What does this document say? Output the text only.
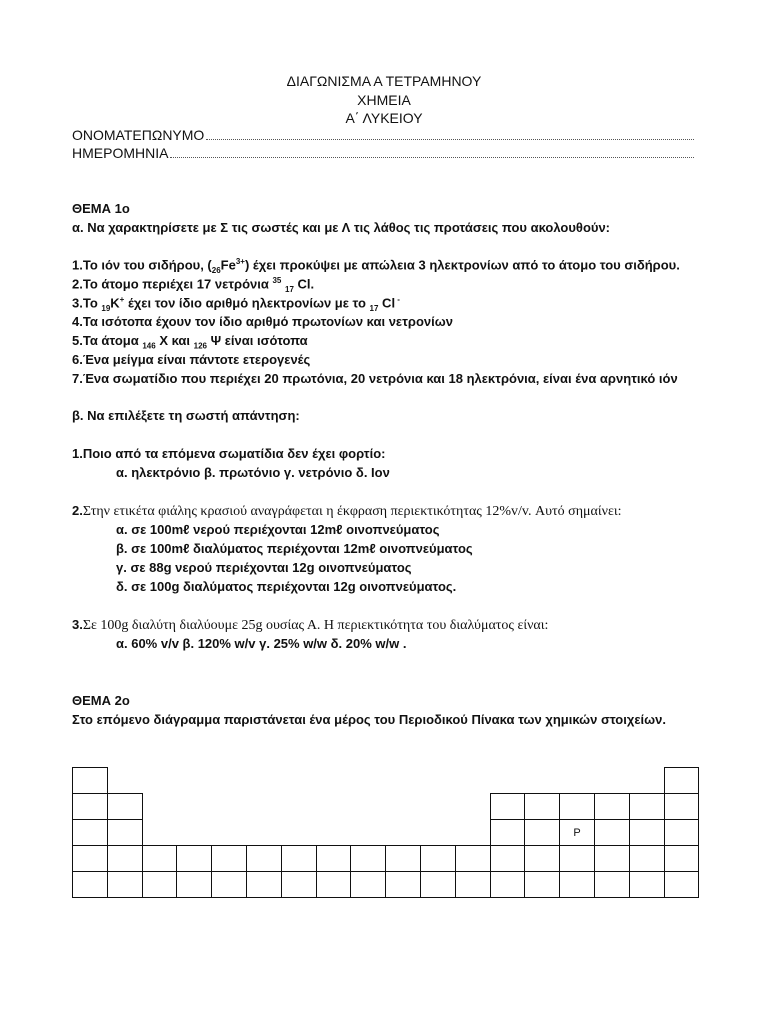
ΔΙΑΓΩΝΙΣΜΑ Α ΤΕΤΡΑΜΗΝΟΥ
ΧΗΜΕΙΑ
Α΄ ΛΥΚΕΙΟΥ
ΟΝΟΜΑΤΕΠΩΝΥΜΟ
ΗΜΕΡΟΜΗΝΙΑ
ΘΕΜΑ 1ο
α. Να χαρακτηρίσετε με Σ τις σωστές και με Λ τις λάθος τις προτάσεις που ακολουθούν:
1.Το ιόν του σιδήρου, $(_{26}Fe^{3+})$ έχει προκύψει με απώλεια 3 ηλεκτρονίων από το άτομο του σιδήρου.
2.Το άτομο περιέχει 17 νετρόνια $^{35}$ $_{17}$ Cl.
3.Το $_{19}$K+ έχει τον ίδιο αριθμό ηλεκτρονίων με το $_{17}$ Cl -
4.Τα ισότοπα έχουν τον ίδιο αριθμό πρωτονίων και νετρονίων
5.Τα άτομα $_{146}$ Χ και $_{126}$ Ψ είναι ισότοπα
6.Ένα μείγμα είναι πάντοτε ετερογενές
7.Ένα σωματίδιο που περιέχει 20 πρωτόνια, 20 νετρόνια και 18 ηλεκτρόνια, είναι ένα αρνητικό ιόν
β. Να επιλέξετε τη σωστή απάντηση:
1.Ποιο από τα επόμενα σωματίδια δεν έχει φορτίο:
α. ηλεκτρόνιο β. πρωτόνιο γ. νετρόνιο δ. Ιον
2.Στην ετικέτα φιάλης κρασιού αναγράφεται η έκφραση περιεκτικότητας 12%v/v. Αυτό σημαίνει:
α. σε 100mℓ νερού περιέχονται 12mℓ οινοπνεύματος
β. σε 100mℓ διαλύματος περιέχονται 12mℓ οινοπνεύματος
γ. σε 88g νερού περιέχονται 12g οινοπνεύματος
δ. σε 100g διαλύματος περιέχονται 12g οινοπνεύματος.
3.Σε 100g διαλύτη διαλύουμε 25g ουσίας Α. Η περιεκτικότητα του διαλύματος είναι:
α. 60% v/v β. 120% w/v γ. 25% w/w δ. 20% w/w .
ΘΕΜΑ 2ο
Στο επόμενο διάγραμμα παριστάνεται ένα μέρος του Περιοδικού Πίνακα των χημικών στοιχείων.
P
